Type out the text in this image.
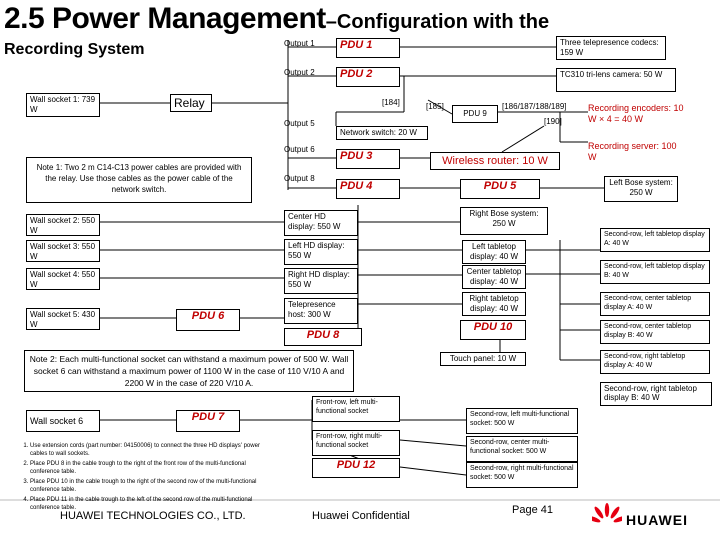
2.5 Power Management–Configuration with the
Recording System	Output 1
Output 2
Output 5
Output 6
Output 8
PDU 1
PDU 2
PDU 3
PDU 4	PDU 5
PDU 6
PDU 7
PDU 8
PDU 9
PDU 10
PDU 12
Three telepresence codecs: 159 W
TC310 tri-lens camera: 50 W
Wall socket 1: 739 W	Relay	[184]	[185]	[186/187/188/189]
[190]
Recording encoders: 10 W × 4 = 40 W
Recording server: 100 W
Network switch: 20 W
Wireless router: 10 W
Left Bose system: 250 W
Note 1: Two 2 m C14-C13 power cables are provided with the relay. Use those cables as the power cable of the network switch.
Wall socket 2: 550 W
Wall socket 3: 550 W
Wall socket 4: 550 W
Wall socket 5: 430 W
Center HD display: 550 W
Left HD display: 550 W
Right HD display: 550 W
Telepresence host: 300 W
Right Bose system: 250 W
Left tabletop display: 40 W
Center tabletop display: 40 W
Right tabletop display: 40 W
Second-row, left tabletop display A: 40 W
Second-row, left tabletop display B: 40 W
Second-row, center tabletop display A: 40 W
Second-row, center tabletop display B: 40 W
Second-row, right tabletop display A: 40 W
Second-row, right tabletop display B: 40 W
Touch panel: 10 W
Note 2: Each multi-functional socket can withstand a maximum power of 500 W. Wall socket 6 can withstand a maximum power of 1100 W in the case of 110 V/10 A and 2200 W in the case of 220 V/10 A.
Wall socket 6
Front-row, left multi-functional socket
Front-row, right multi-functional socket
Second-row, left multi-functional socket: 500 W
Second-row, center multi-functional socket: 500 W
Second-row, right multi-functional socket: 500 W
1. Use extension cords (part number: 04150006) to connect the three HD displays' power cables to wall sockets.
2. Place PDU 8 in the cable trough to the right of the front row of the multi-functional conference table.
3. Place PDU 10 in the cable trough to the right of the second row of the multi-functional conference table.
4. Place PDU 11 in the cable trough to the left of the second row of the multi-functional conference table.
HUAWEI TECHNOLOGIES CO., LTD.	Huawei Confidential	Page 41
HUAWEI
